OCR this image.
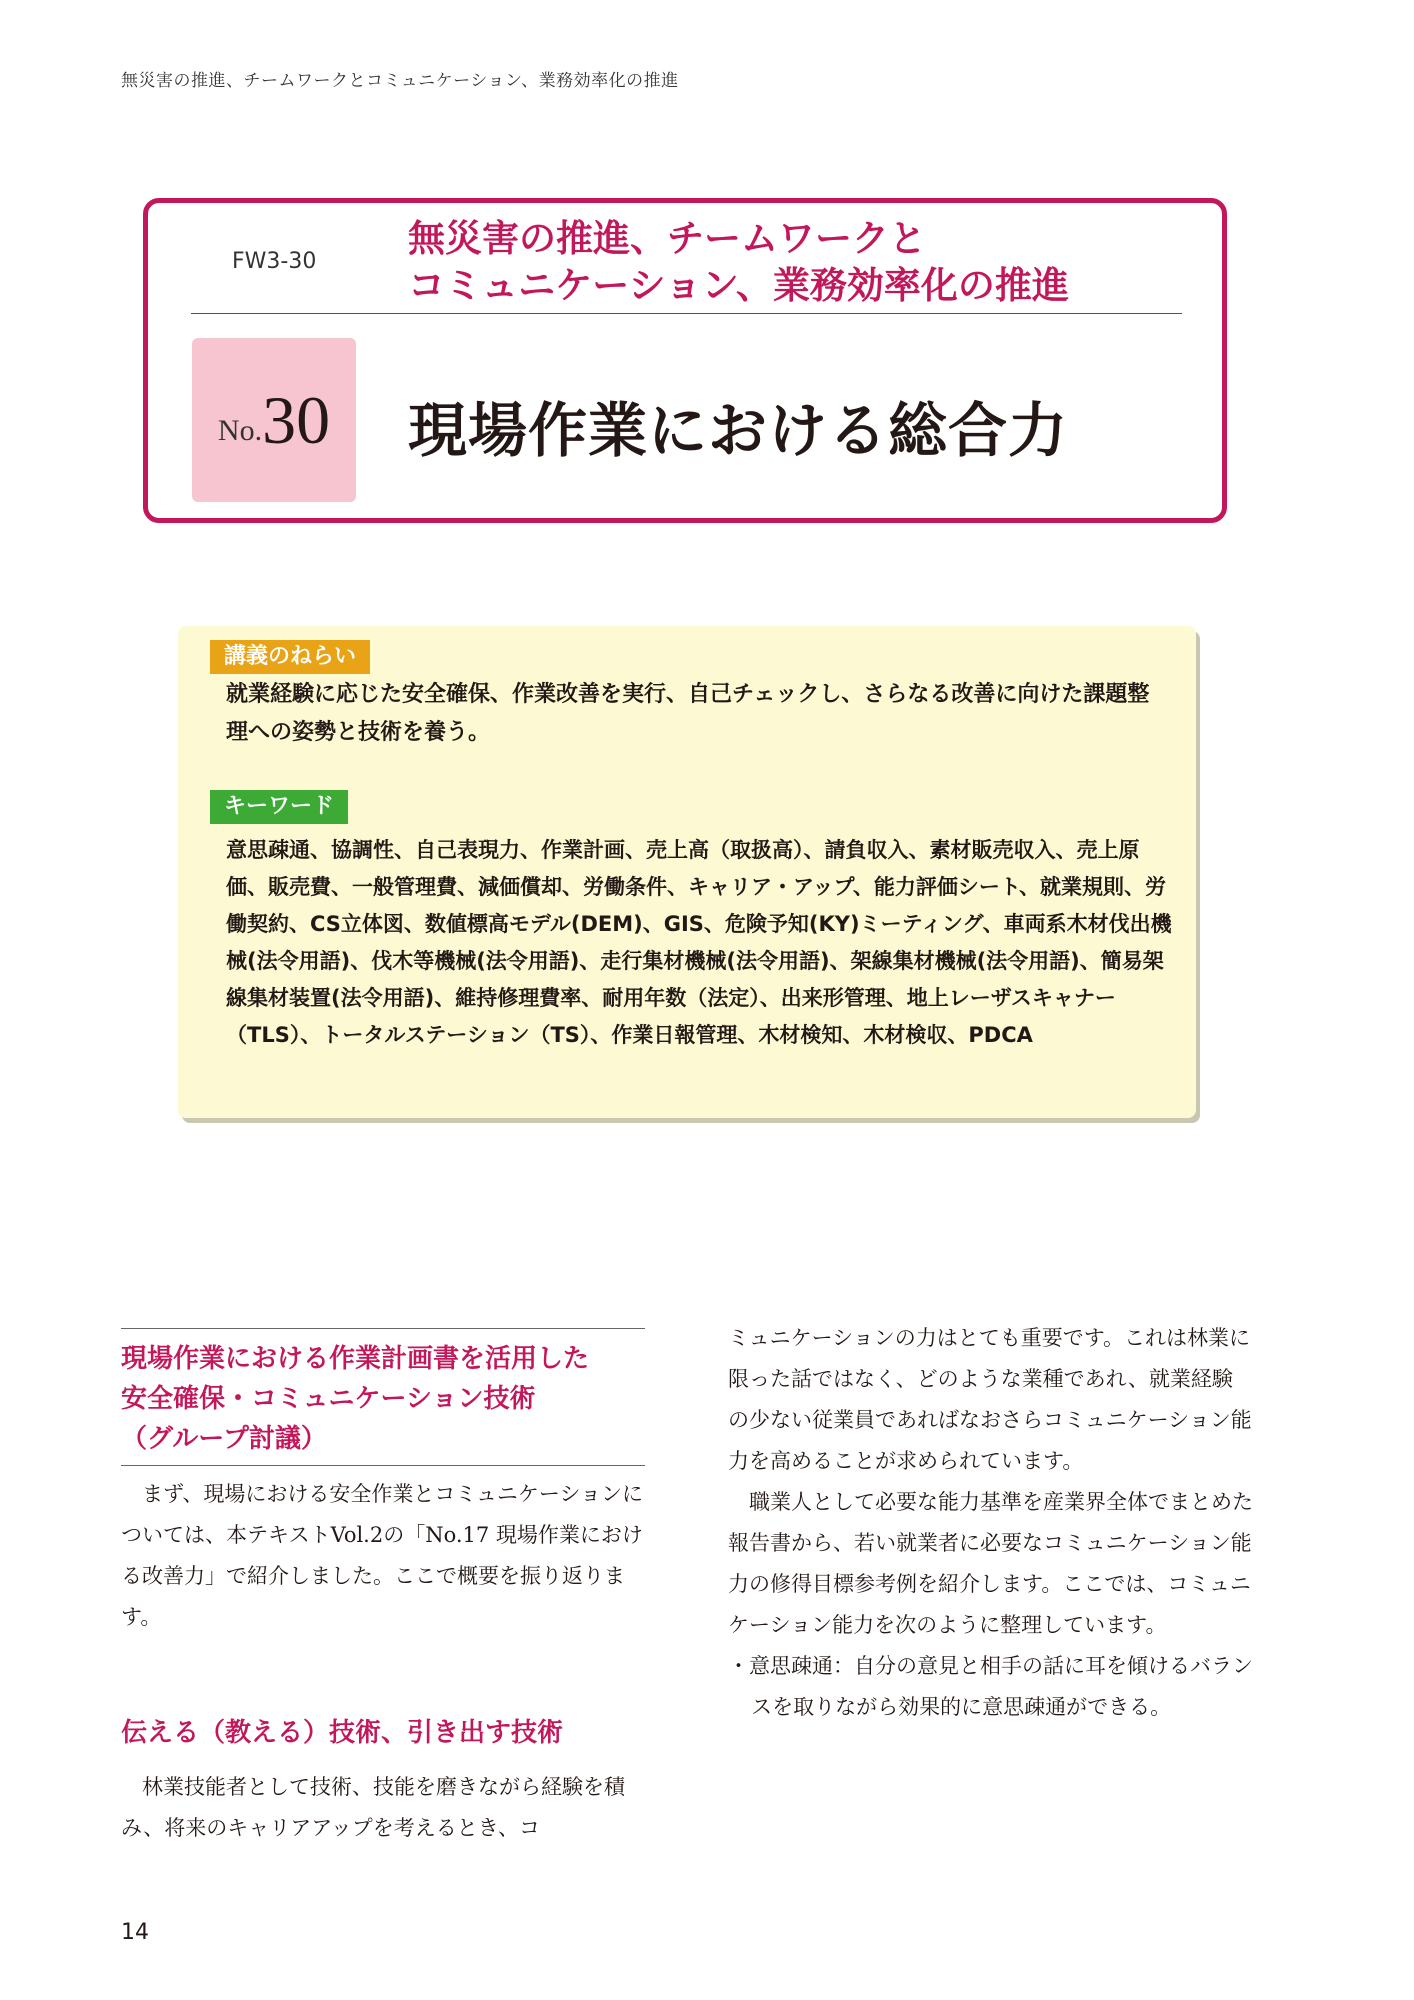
無災害の推進、チームワークとコミュニケーション、業務効率化の推進
FW3-30
無災害の推進、チームワークと
コミュニケーション、業務効率化の推進
No. 30 現場作業における総合力
講義のねらい
就業経験に応じた安全確保、作業改善を実行、自己チェックし、さらなる改善に向けた課題整理への姿勢と技術を養う。
キーワード
意思疎通、協調性、自己表現力、作業計画、売上高（取扱高）、請負収入、素材販売収入、売上原価、販売費、一般管理費、減価償却、労働条件、キャリア・アップ、能力評価シート、就業規則、労働契約、CS立体図、数値標高モデル(DEM)、GIS、危険予知(KY)ミーティング、車両系木材伐出機械(法令用語)、伐木等機械(法令用語)、走行集材機械(法令用語)、架線集材機械(法令用語)、簡易架線集材装置(法令用語)、維持修理費率、耐用年数（法定）、出来形管理、地上レーザスキャナー（TLS）、トータルステーション（TS）、作業日報管理、木材検知、木材検収、PDCA
現場作業における作業計画書を活用した
安全確保・コミュニケーション技術
（グループ討議）

まず、現場における安全作業とコミュニケーションについては、本テキストVol.2の「No.17 現場作業における改善力」で紹介しました。ここで概要を振り返ります。

伝える（教える）技術、引き出す技術

林業技能者として技術、技能を磨きながら経験を積み、将来のキャリアアップを考えるとき、コ

ミュニケーションの力はとても重要です。これは林業に限った話ではなく、どのような業種であれ、就業経験の少ない従業員であればなおさらコミュニケーション能力を高めることが求められています。

職業人として必要な能力基準を産業界全体でまとめた報告書から、若い就業者に必要なコミュニケーション能力の修得目標参考例を紹介します。ここでは、コミュニケーション能力を次のように整理しています。

・意思疎通：自分の意見と相手の話に耳を傾けるバランスを取りながら効果的に意思疎通ができる。

14
